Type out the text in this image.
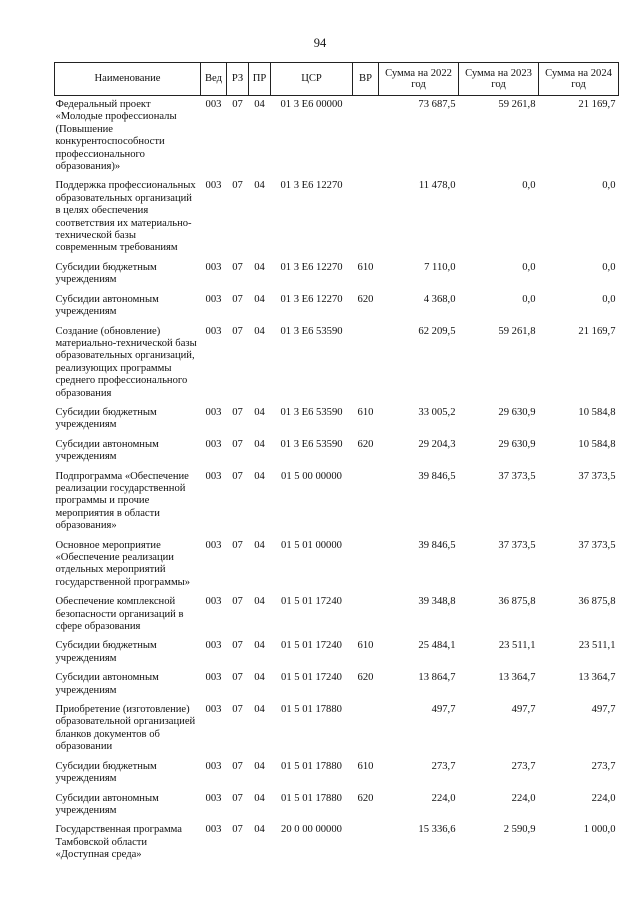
94
Наименование	Вед	РЗ	ПР	ЦСР	ВР	Сумма на 2022 год	Сумма на 2023 год	Сумма на 2024 год
Федеральный проект «Молодые профессионалы (Повышение конкурентоспособности профессионального образования)»	003	07	04	01 3 Е6 00000		73 687,5	59 261,8	21 169,7
Поддержка профессиональных образовательных организаций в целях обеспечения соответствия их материально-технической базы современным требованиям	003	07	04	01 3 Е6 12270		11 478,0	0,0	0,0
Субсидии бюджетным учреждениям	003	07	04	01 3 Е6 12270	610	7 110,0	0,0	0,0
Субсидии автономным учреждениям	003	07	04	01 3 Е6 12270	620	4 368,0	0,0	0,0
Создание (обновление) материально-технической базы образовательных организаций, реализующих программы среднего профессионального образования	003	07	04	01 3 Е6 53590		62 209,5	59 261,8	21 169,7
Субсидии бюджетным учреждениям	003	07	04	01 3 Е6 53590	610	33 005,2	29 630,9	10 584,8
Субсидии автономным учреждениям	003	07	04	01 3 Е6 53590	620	29 204,3	29 630,9	10 584,8
Подпрограмма «Обеспечение реализации государственной программы и прочие мероприятия в области образования»	003	07	04	01 5 00 00000		39 846,5	37 373,5	37 373,5
Основное мероприятие «Обеспечение реализации отдельных мероприятий государственной программы»	003	07	04	01 5 01 00000		39 846,5	37 373,5	37 373,5
Обеспечение комплексной безопасности организаций в сфере образования	003	07	04	01 5 01 17240		39 348,8	36 875,8	36 875,8
Субсидии бюджетным учреждениям	003	07	04	01 5 01 17240	610	25 484,1	23 511,1	23 511,1
Субсидии автономным учреждениям	003	07	04	01 5 01 17240	620	13 864,7	13 364,7	13 364,7
Приобретение (изготовление) образовательной организацией бланков документов об образовании	003	07	04	01 5 01 17880		497,7	497,7	497,7
Субсидии бюджетным учреждениям	003	07	04	01 5 01 17880	610	273,7	273,7	273,7
Субсидии автономным учреждениям	003	07	04	01 5 01 17880	620	224,0	224,0	224,0
Государственная программа Тамбовской области «Доступная среда»	003	07	04	20 0 00 00000		15 336,6	2 590,9	1 000,0
